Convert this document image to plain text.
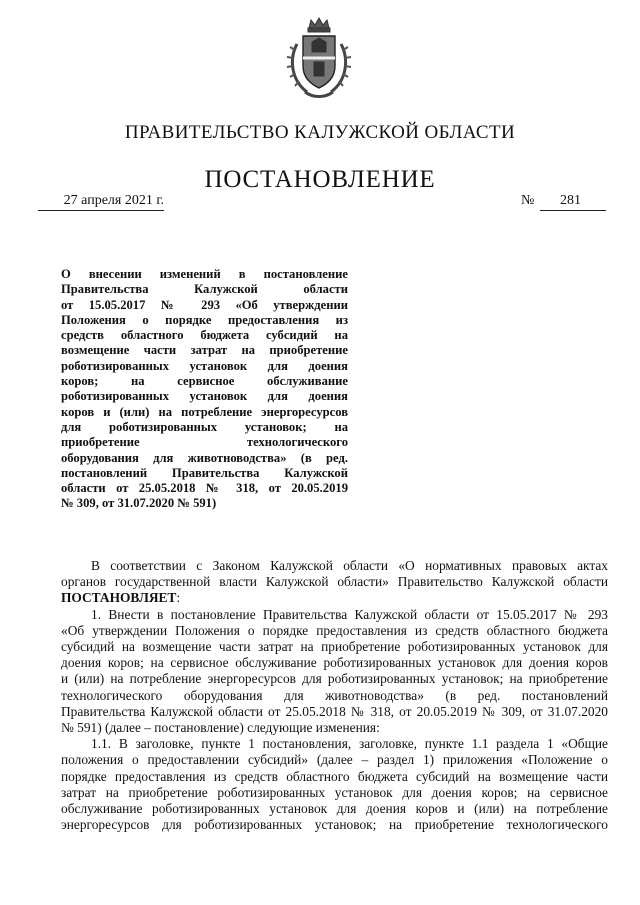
ПРАВИТЕЛЬСТВО КАЛУЖСКОЙ ОБЛАСТИ
ПОСТАНОВЛЕНИЕ
27 апреля 2021 г.	№	281
О внесении изменений в постановление
Правительства Калужской области
от 15.05.2017 № 293 «Об утверждении
Положения о порядке предоставления из
средств областного бюджета субсидий на
возмещение части затрат на приобретение
роботизированных установок для доения
коров; на сервисное обслуживание
роботизированных установок для доения
коров и (или) на потребление энергоресурсов
для роботизированных установок; на
приобретение технологического
оборудования для животноводства» (в ред.
постановлений Правительства Калужской
области от 25.05.2018 № 318, от 20.05.2019
№ 309, от 31.07.2020 № 591)
В соответствии с Законом Калужской области «О нормативных правовых актах
органов государственной власти Калужской области» Правительство Калужской области
ПОСТАНОВЛЯЕТ:
1. Внести в постановление Правительства Калужской области от 15.05.2017 № 293
«Об утверждении Положения о порядке предоставления из средств областного бюджета
субсидий на возмещение части затрат на приобретение роботизированных установок для
доения коров; на сервисное обслуживание роботизированных установок для доения коров
и (или) на потребление энергоресурсов для роботизированных установок; на приобретение
технологического оборудования для животноводства» (в ред. постановлений
Правительства Калужской области от 25.05.2018 № 318, от 20.05.2019 № 309, от 31.07.2020
№ 591) (далее – постановление) следующие изменения:
1.1. В заголовке, пункте 1 постановления, заголовке, пункте 1.1 раздела 1 «Общие
положения о предоставлении субсидий» (далее – раздел 1) приложения «Положение о
порядке предоставления из средств областного бюджета субсидий на возмещение части
затрат на приобретение роботизированных установок для доения коров; на сервисное
обслуживание роботизированных установок для доения коров и (или) на потребление
энергоресурсов для роботизированных установок; на приобретение технологического
